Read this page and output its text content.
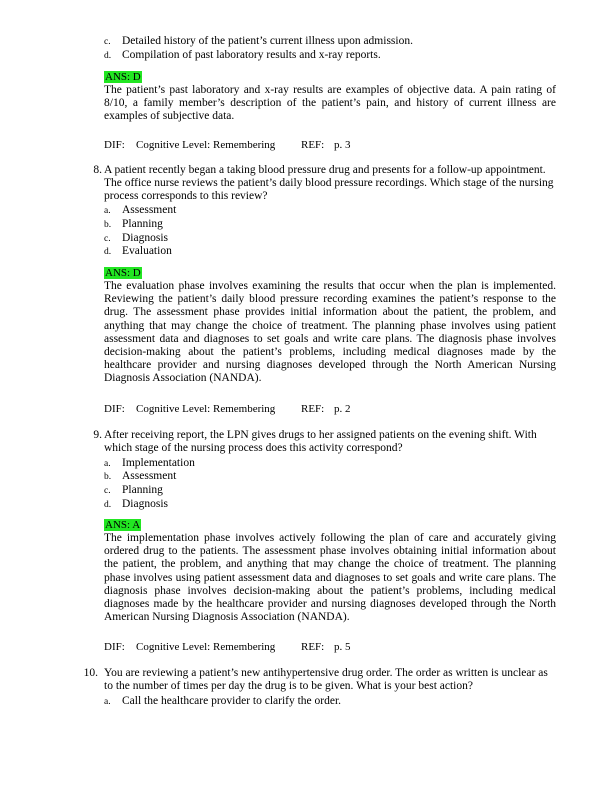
c. Detailed history of the patient’s current illness upon admission.
d. Compilation of past laboratory results and x-ray reports.
ANS: D
The patient’s past laboratory and x-ray results are examples of objective data. A pain rating of 8/10, a family member’s description of the patient’s pain, and history of current illness are examples of subjective data.
DIF: Cognitive Level: Remembering REF: p. 3
8. A patient recently began a taking blood pressure drug and presents for a follow-up appointment. The office nurse reviews the patient’s daily blood pressure recordings. Which stage of the nursing process corresponds to this review?
a. Assessment
b. Planning
c. Diagnosis
d. Evaluation
ANS: D
The evaluation phase involves examining the results that occur when the plan is implemented. Reviewing the patient’s daily blood pressure recording examines the patient’s response to the drug. The assessment phase provides initial information about the patient, the problem, and anything that may change the choice of treatment. The planning phase involves using patient assessment data and diagnoses to set goals and write care plans. The diagnosis phase involves decision-making about the patient’s problems, including medical diagnoses made by the healthcare provider and nursing diagnoses developed through the North American Nursing Diagnosis Association (NANDA).
DIF: Cognitive Level: Remembering REF: p. 2
9. After receiving report, the LPN gives drugs to her assigned patients on the evening shift. With which stage of the nursing process does this activity correspond?
a. Implementation
b. Assessment
c. Planning
d. Diagnosis
ANS: A
The implementation phase involves actively following the plan of care and accurately giving ordered drug to the patients. The assessment phase involves obtaining initial information about the patient, the problem, and anything that may change the choice of treatment. The planning phase involves using patient assessment data and diagnoses to set goals and write care plans. The diagnosis phase involves decision-making about the patient’s problems, including medical diagnoses made by the healthcare provider and nursing diagnoses developed through the North American Nursing Diagnosis Association (NANDA).
DIF: Cognitive Level: Remembering REF: p. 5
10. You are reviewing a patient’s new antihypertensive drug order. The order as written is unclear as to the number of times per day the drug is to be given. What is your best action?
a. Call the healthcare provider to clarify the order.
